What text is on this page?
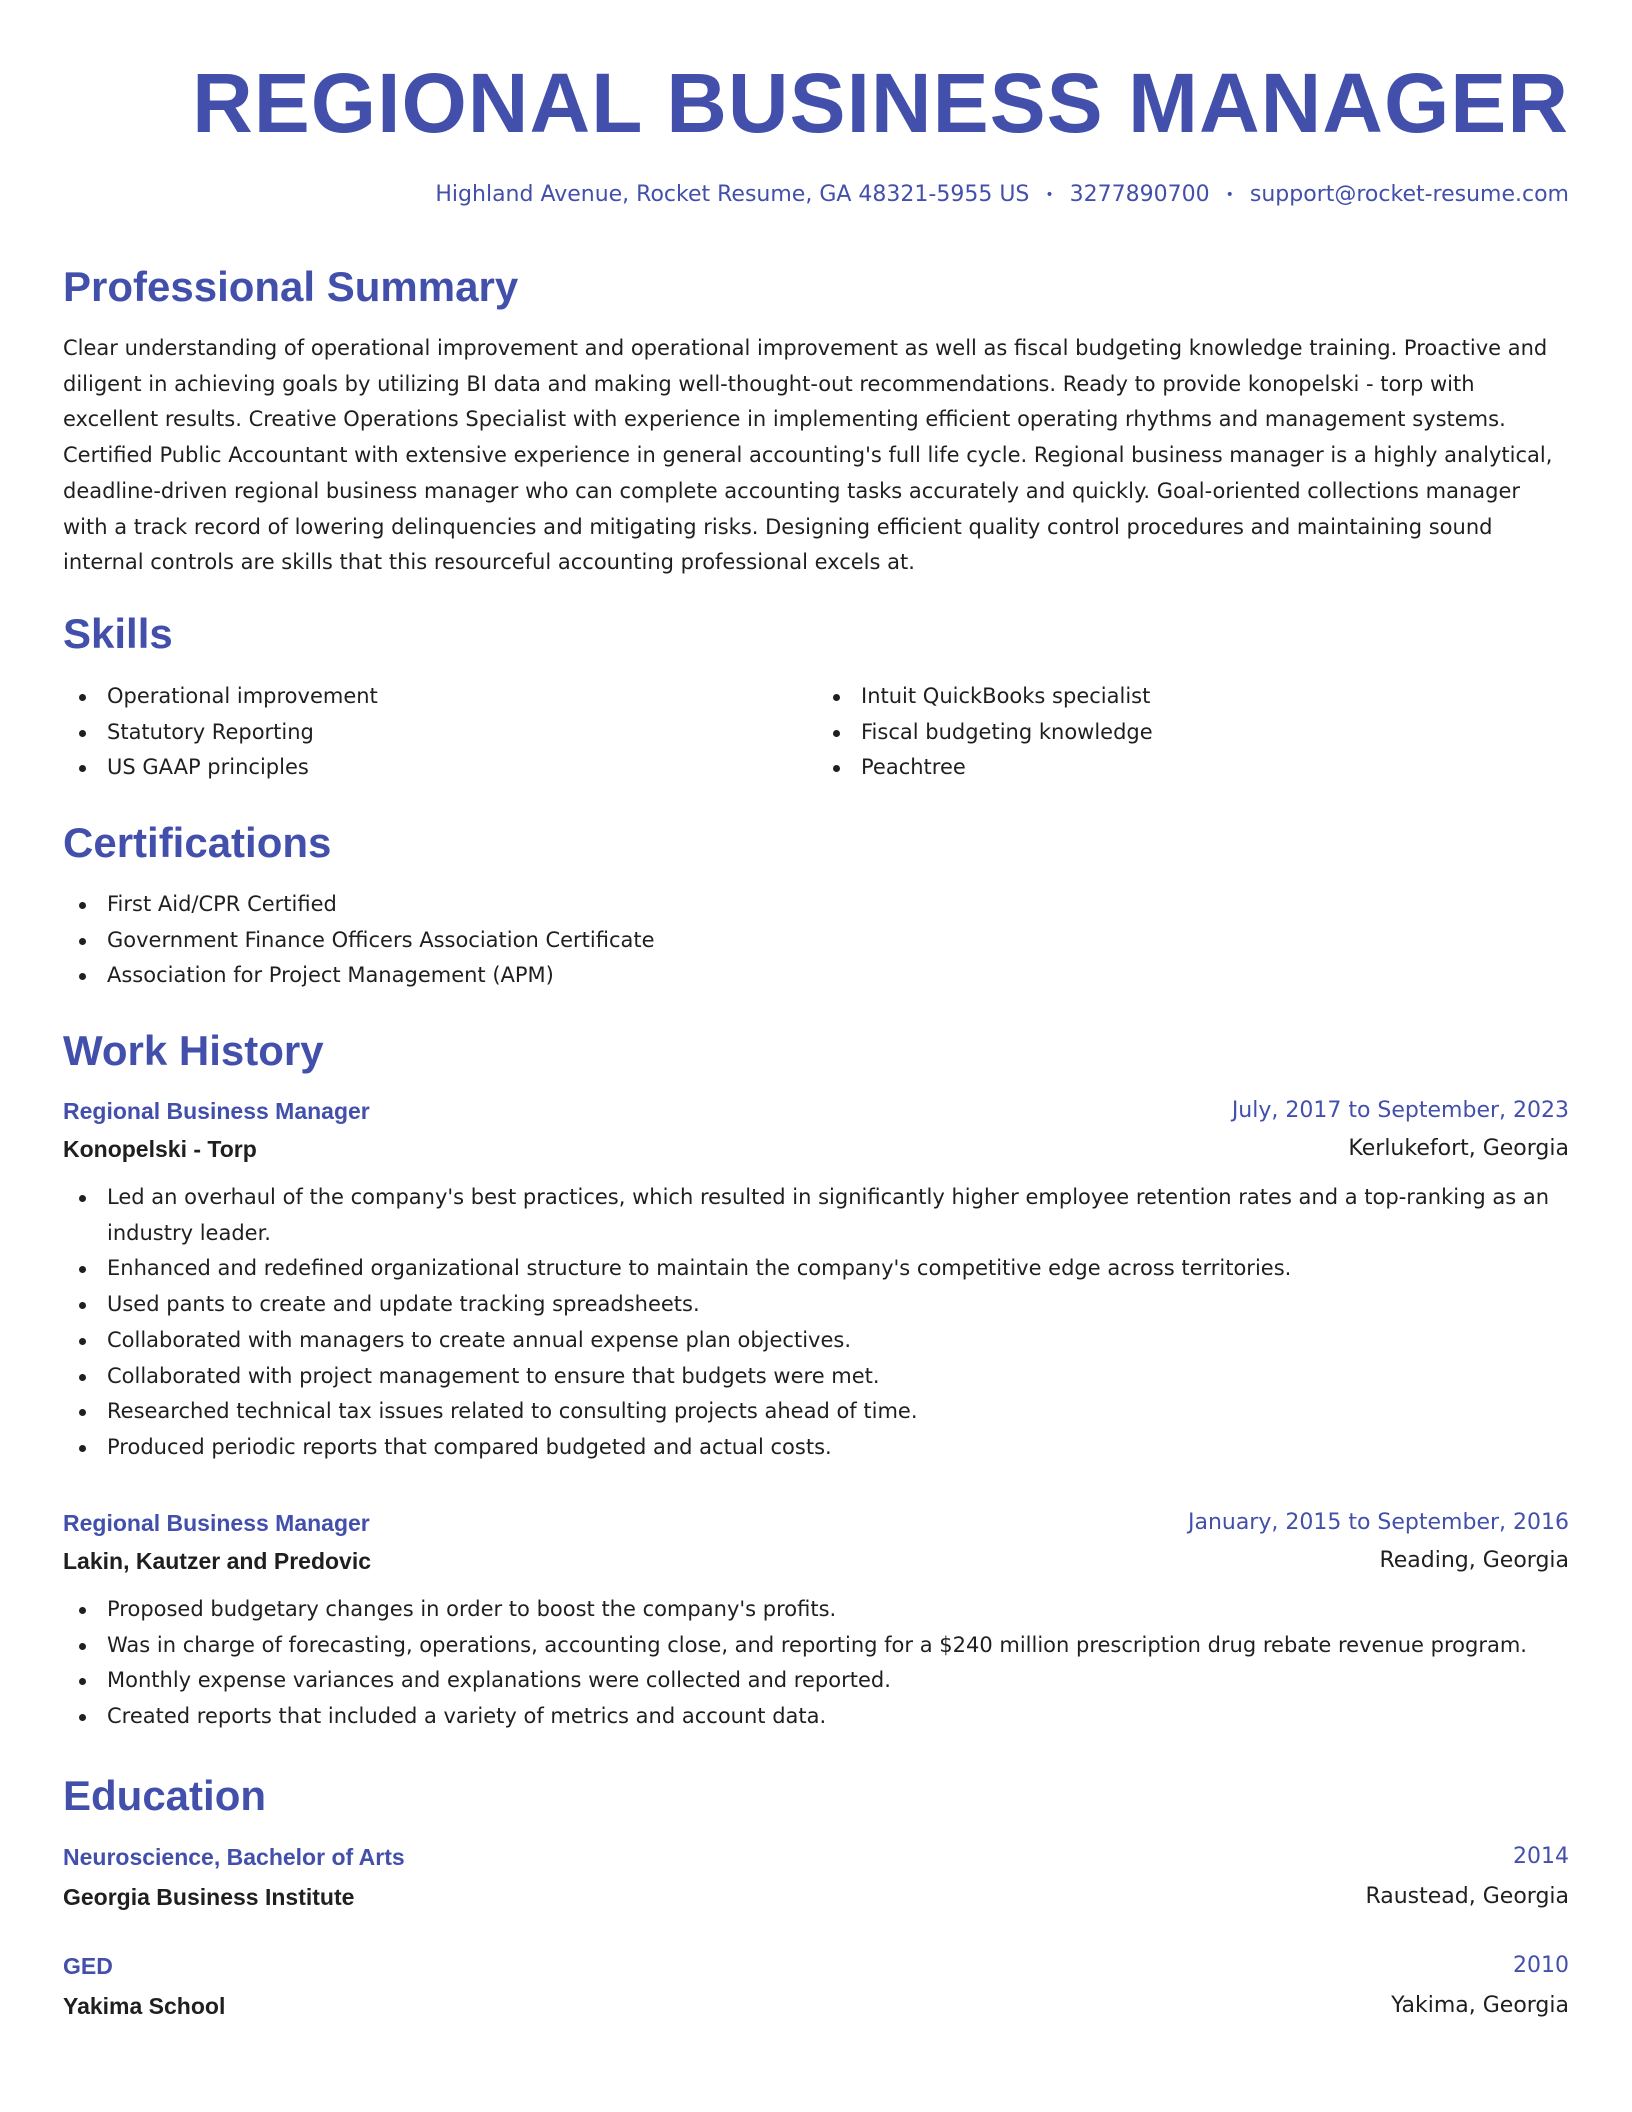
REGIONAL BUSINESS MANAGER
Highland Avenue, Rocket Resume, GA 48321-5955 US • 3277890700 • support@rocket-resume.com
Professional Summary

Clear understanding of operational improvement and operational improvement as well as fiscal budgeting knowledge training. Proactive and diligent in achieving goals by utilizing BI data and making well-thought-out recommendations. Ready to provide konopelski - torp with excellent results. Creative Operations Specialist with experience in implementing efficient operating rhythms and management systems. Certified Public Accountant with extensive experience in general accounting's full life cycle. Regional business manager is a highly analytical, deadline-driven regional business manager who can complete accounting tasks accurately and quickly. Goal-oriented collections manager with a track record of lowering delinquencies and mitigating risks. Designing efficient quality control procedures and maintaining sound internal controls are skills that this resourceful accounting professional excels at.

Skills
Operational improvement
Statutory Reporting
US GAAP principles
Intuit QuickBooks specialist
Fiscal budgeting knowledge
Peachtree
Certifications
First Aid/CPR Certified
Government Finance Officers Association Certificate
Association for Project Management (APM)
Work History
Regional Business Manager	July, 2017 to September, 2023
Konopelski - Torp	Kerlukefort, Georgia
Led an overhaul of the company's best practices, which resulted in significantly higher employee retention rates and a top-ranking as an industry leader.
Enhanced and redefined organizational structure to maintain the company's competitive edge across territories.
Used pants to create and update tracking spreadsheets.
Collaborated with managers to create annual expense plan objectives.
Collaborated with project management to ensure that budgets were met.
Researched technical tax issues related to consulting projects ahead of time.
Produced periodic reports that compared budgeted and actual costs.
Regional Business Manager	January, 2015 to September, 2016
Lakin, Kautzer and Predovic	Reading, Georgia
Proposed budgetary changes in order to boost the company's profits.
Was in charge of forecasting, operations, accounting close, and reporting for a $240 million prescription drug rebate revenue program.
Monthly expense variances and explanations were collected and reported.
Created reports that included a variety of metrics and account data.
Education
Neuroscience, Bachelor of Arts	2014
Georgia Business Institute	Raustead, Georgia
GED	2010
Yakima School	Yakima, Georgia
